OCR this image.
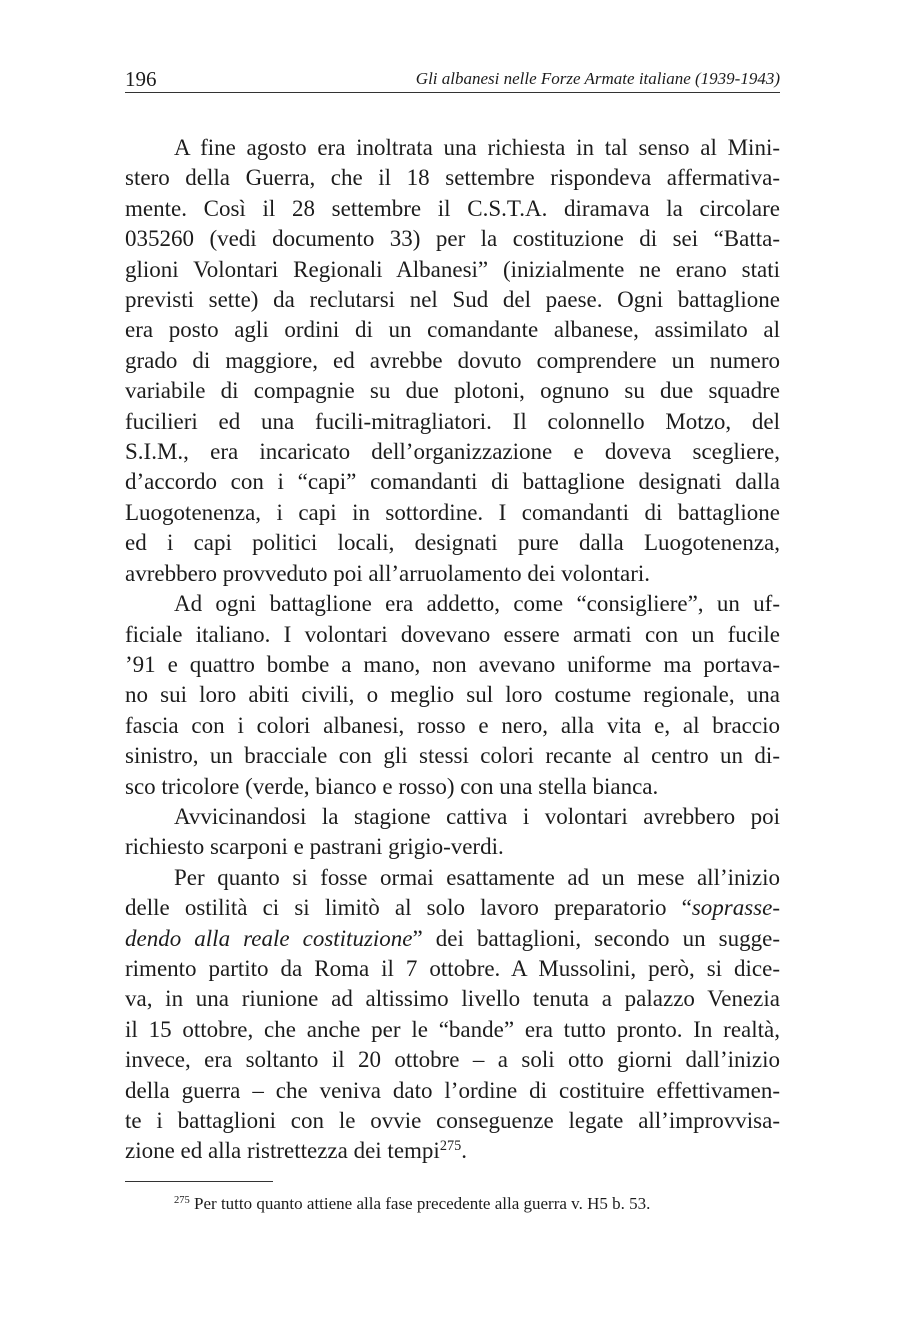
196	Gli albanesi nelle Forze Armate italiane (1939-1943)
A fine agosto era inoltrata una richiesta in tal senso al Mini-
stero della Guerra, che il 18 settembre rispondeva affermativa-
mente. Così il 28 settembre il C.S.T.A. diramava la circolare
035260 (vedi documento 33) per la costituzione di sei “Batta-
glioni Volontari Regionali Albanesi” (inizialmente ne erano stati
previsti sette) da reclutarsi nel Sud del paese. Ogni battaglione
era posto agli ordini di un comandante albanese, assimilato al
grado di maggiore, ed avrebbe dovuto comprendere un numero
variabile di compagnie su due plotoni, ognuno su due squadre
fucilieri ed una fucili-mitragliatori. Il colonnello Motzo, del
S.I.M., era incaricato dell’organizzazione e doveva scegliere,
d’accordo con i “capi” comandanti di battaglione designati dalla
Luogotenenza, i capi in sottordine. I comandanti di battaglione
ed i capi politici locali, designati pure dalla Luogotenenza,
avrebbero provveduto poi all’arruolamento dei volontari.
Ad ogni battaglione era addetto, come “consigliere”, un uf-
ficiale italiano. I volontari dovevano essere armati con un fucile
’91 e quattro bombe a mano, non avevano uniforme ma portava-
no sui loro abiti civili, o meglio sul loro costume regionale, una
fascia con i colori albanesi, rosso e nero, alla vita e, al braccio
sinistro, un bracciale con gli stessi colori recante al centro un di-
sco tricolore (verde, bianco e rosso) con una stella bianca.
Avvicinandosi la stagione cattiva i volontari avrebbero poi
richiesto scarponi e pastrani grigio-verdi.
Per quanto si fosse ormai esattamente ad un mese all’inizio
delle ostilità ci si limitò al solo lavoro preparatorio “soprasse-
dendo alla reale costituzione” dei battaglioni, secondo un sugge-
rimento partito da Roma il 7 ottobre. A Mussolini, però, si dice-
va, in una riunione ad altissimo livello tenuta a palazzo Venezia
il 15 ottobre, che anche per le “bande” era tutto pronto. In realtà,
invece, era soltanto il 20 ottobre – a soli otto giorni dall’inizio
della guerra – che veniva dato l’ordine di costituire effettivamen-
te i battaglioni con le ovvie conseguenze legate all’improvvisa-
zione ed alla ristrettezza dei tempi$^{275}$.
$^{275}$ Per tutto quanto attiene alla fase precedente alla guerra v. H5 b. 53.
